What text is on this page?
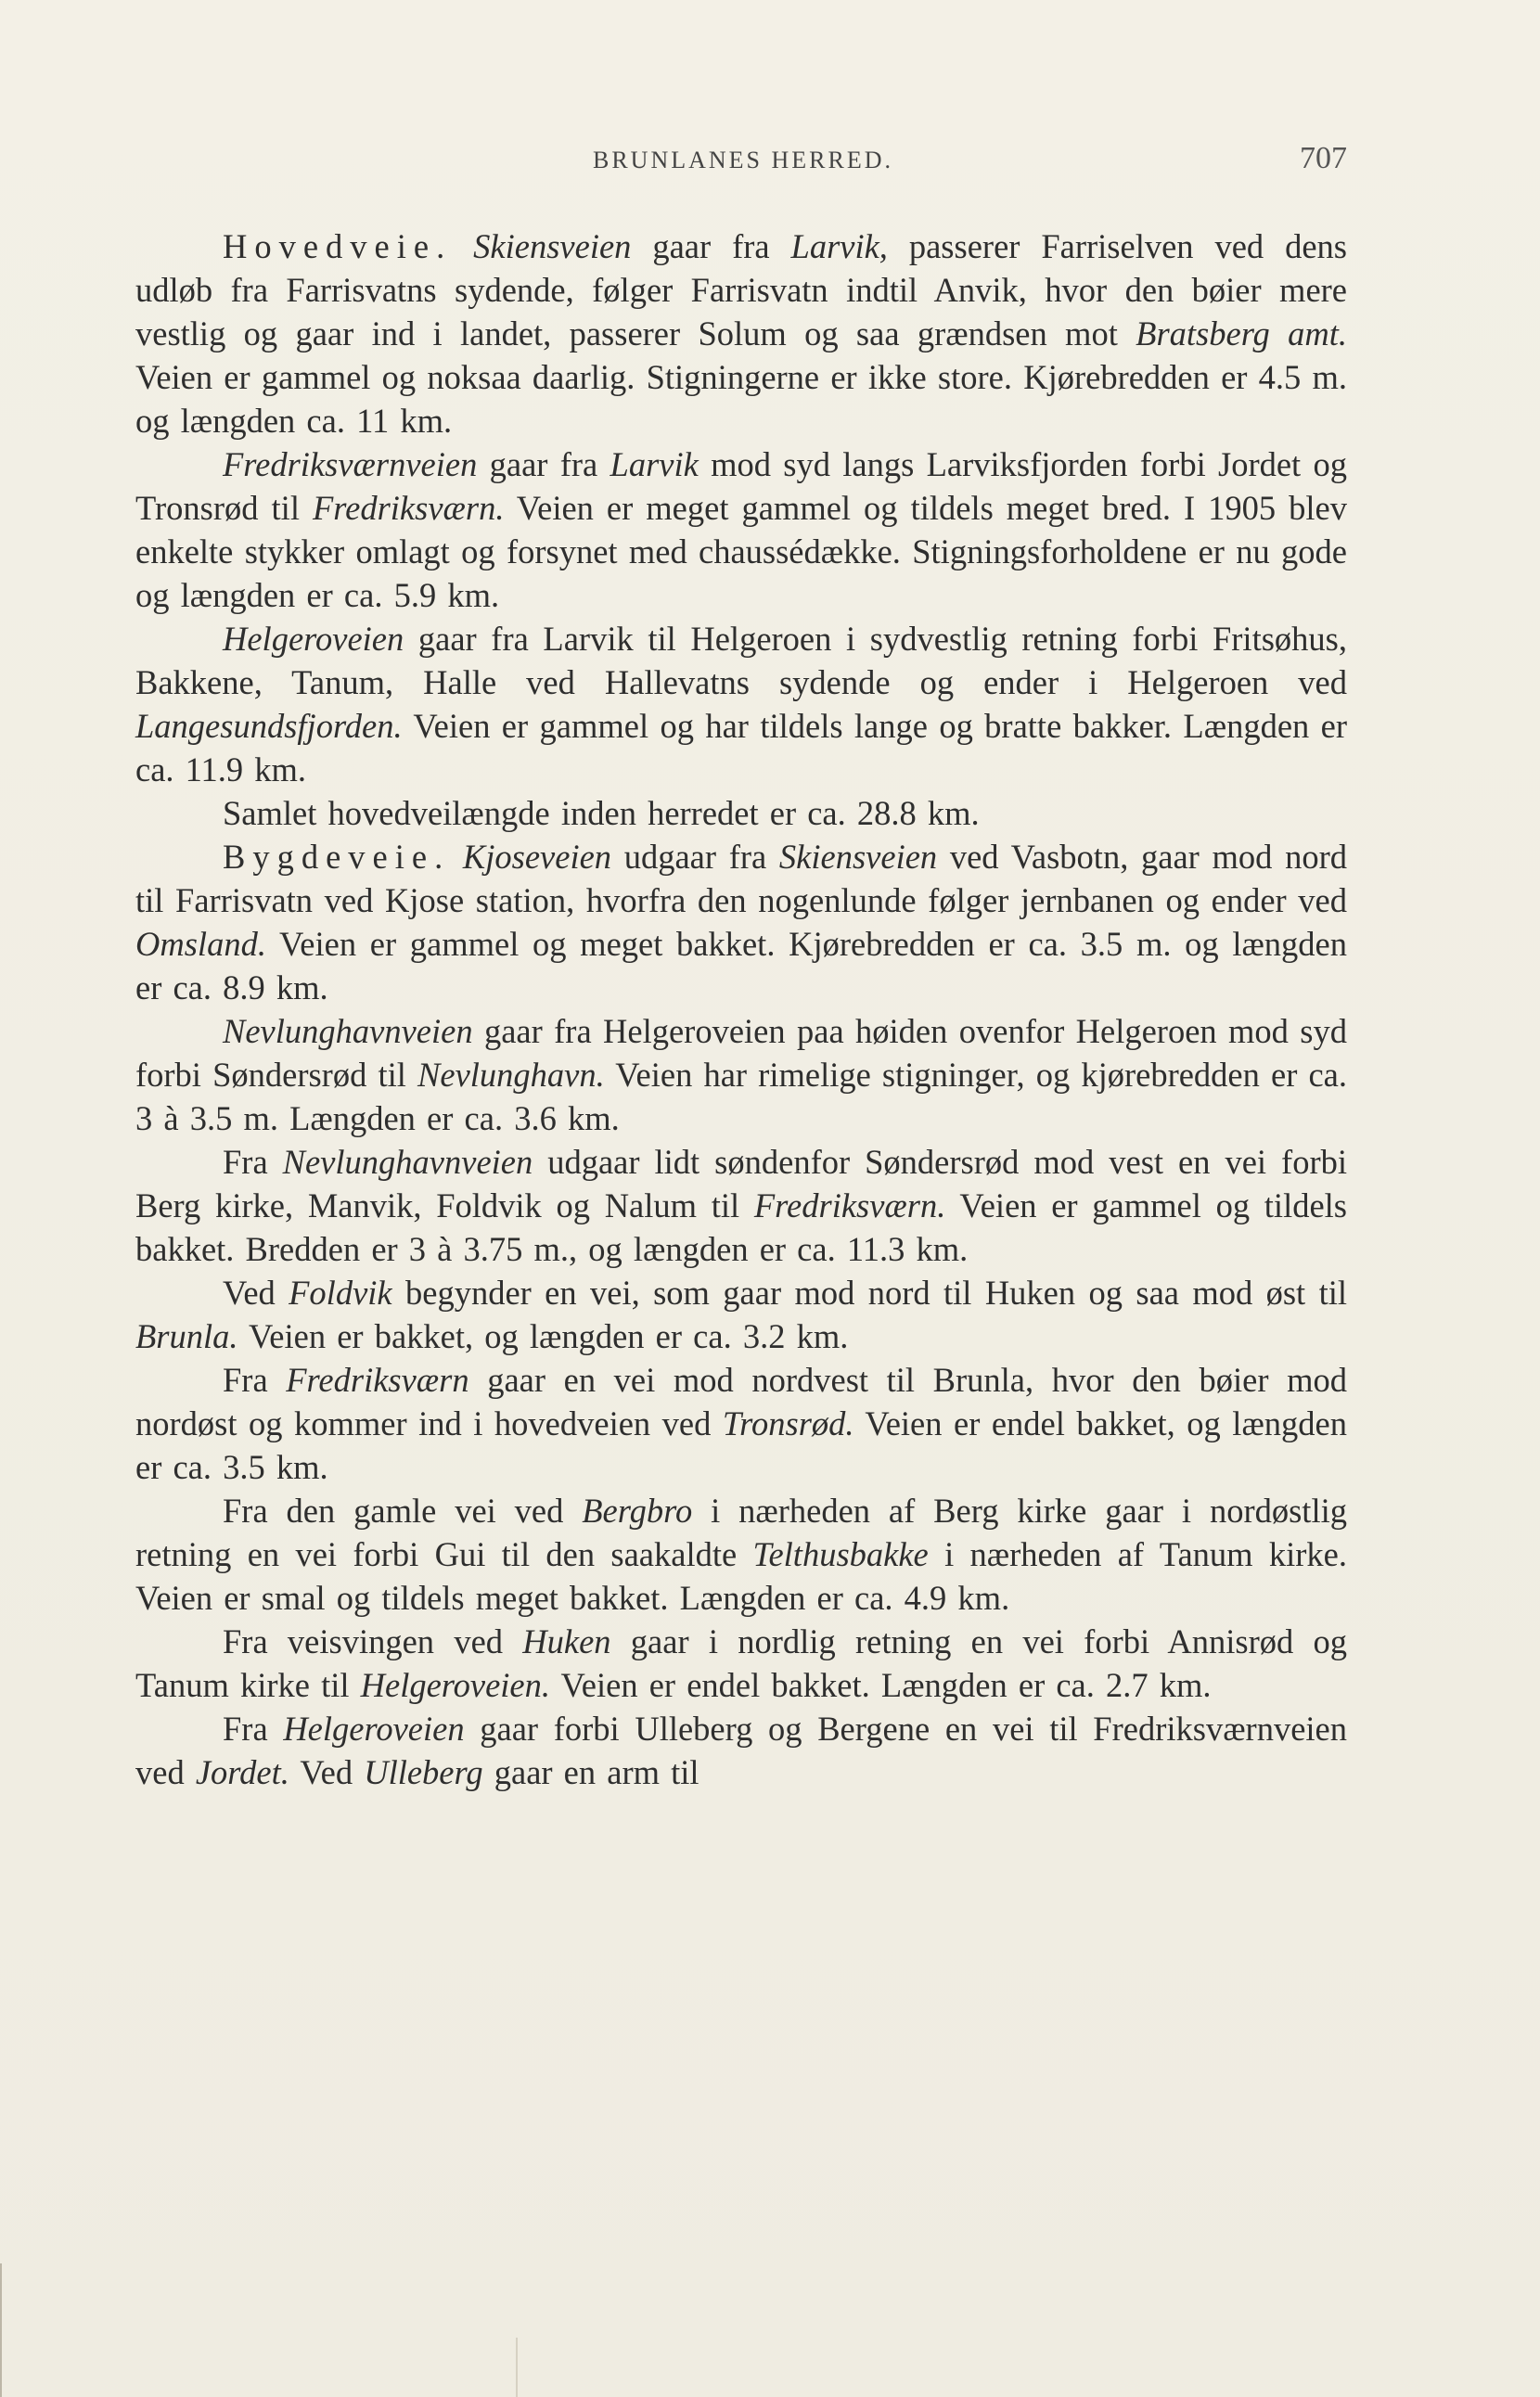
BRUNLANES HERRED.	707

Hovedveie. Skiensveien gaar fra Larvik, passerer Farriselven ved dens udløb fra Farrisvatns sydende, følger Farrisvatn indtil Anvik, hvor den bøier mere vestlig og gaar ind i landet, passerer Solum og saa grændsen mot Bratsberg amt. Veien er gammel og noksaa daarlig. Stigningerne er ikke store. Kjørebredden er 4.5 m. og længden ca. 11 km.

Fredriksværnveien gaar fra Larvik mod syd langs Larviksfjorden forbi Jordet og Tronsrød til Fredriksværn. Veien er meget gammel og tildels meget bred. I 1905 blev enkelte stykker omlagt og forsynet med chaussédække. Stigningsforholdene er nu gode og længden er ca. 5.9 km.

Helgeroveien gaar fra Larvik til Helgeroen i sydvestlig retning forbi Fritsøhus, Bakkene, Tanum, Halle ved Hallevatns sydende og ender i Helgeroen ved Langesundsfjorden. Veien er gammel og har tildels lange og bratte bakker. Længden er ca. 11.9 km.

Samlet hovedveilængde inden herredet er ca. 28.8 km.

Bygdeveie. Kjoseveien udgaar fra Skiensveien ved Vasbotn, gaar mod nord til Farrisvatn ved Kjose station, hvorfra den nogenlunde følger jernbanen og ender ved Omsland. Veien er gammel og meget bakket. Kjørebredden er ca. 3.5 m. og længden er ca. 8.9 km.

Nevlunghavnveien gaar fra Helgeroveien paa høiden ovenfor Helgeroen mod syd forbi Søndersrød til Nevlunghavn. Veien har rimelige stigninger, og kjørebredden er ca. 3 à 3.5 m. Længden er ca. 3.6 km.

Fra Nevlunghavnveien udgaar lidt søndenfor Søndersrød mod vest en vei forbi Berg kirke, Manvik, Foldvik og Nalum til Fredriksværn. Veien er gammel og tildels bakket. Bredden er 3 à 3.75 m., og længden er ca. 11.3 km.

Ved Foldvik begynder en vei, som gaar mod nord til Huken og saa mod øst til Brunla. Veien er bakket, og længden er ca. 3.2 km.

Fra Fredriksværn gaar en vei mod nordvest til Brunla, hvor den bøier mod nordøst og kommer ind i hovedveien ved Tronsrød. Veien er endel bakket, og længden er ca. 3.5 km.

Fra den gamle vei ved Bergbro i nærheden af Berg kirke gaar i nordøstlig retning en vei forbi Gui til den saakaldte Telthusbakke i nærheden af Tanum kirke. Veien er smal og tildels meget bakket. Længden er ca. 4.9 km.

Fra veisvingen ved Huken gaar i nordlig retning en vei forbi Annisrød og Tanum kirke til Helgeroveien. Veien er endel bakket. Længden er ca. 2.7 km.

Fra Helgeroveien gaar forbi Ulleberg og Bergene en vei til Fredriksværnveien ved Jordet. Ved Ulleberg gaar en arm til
